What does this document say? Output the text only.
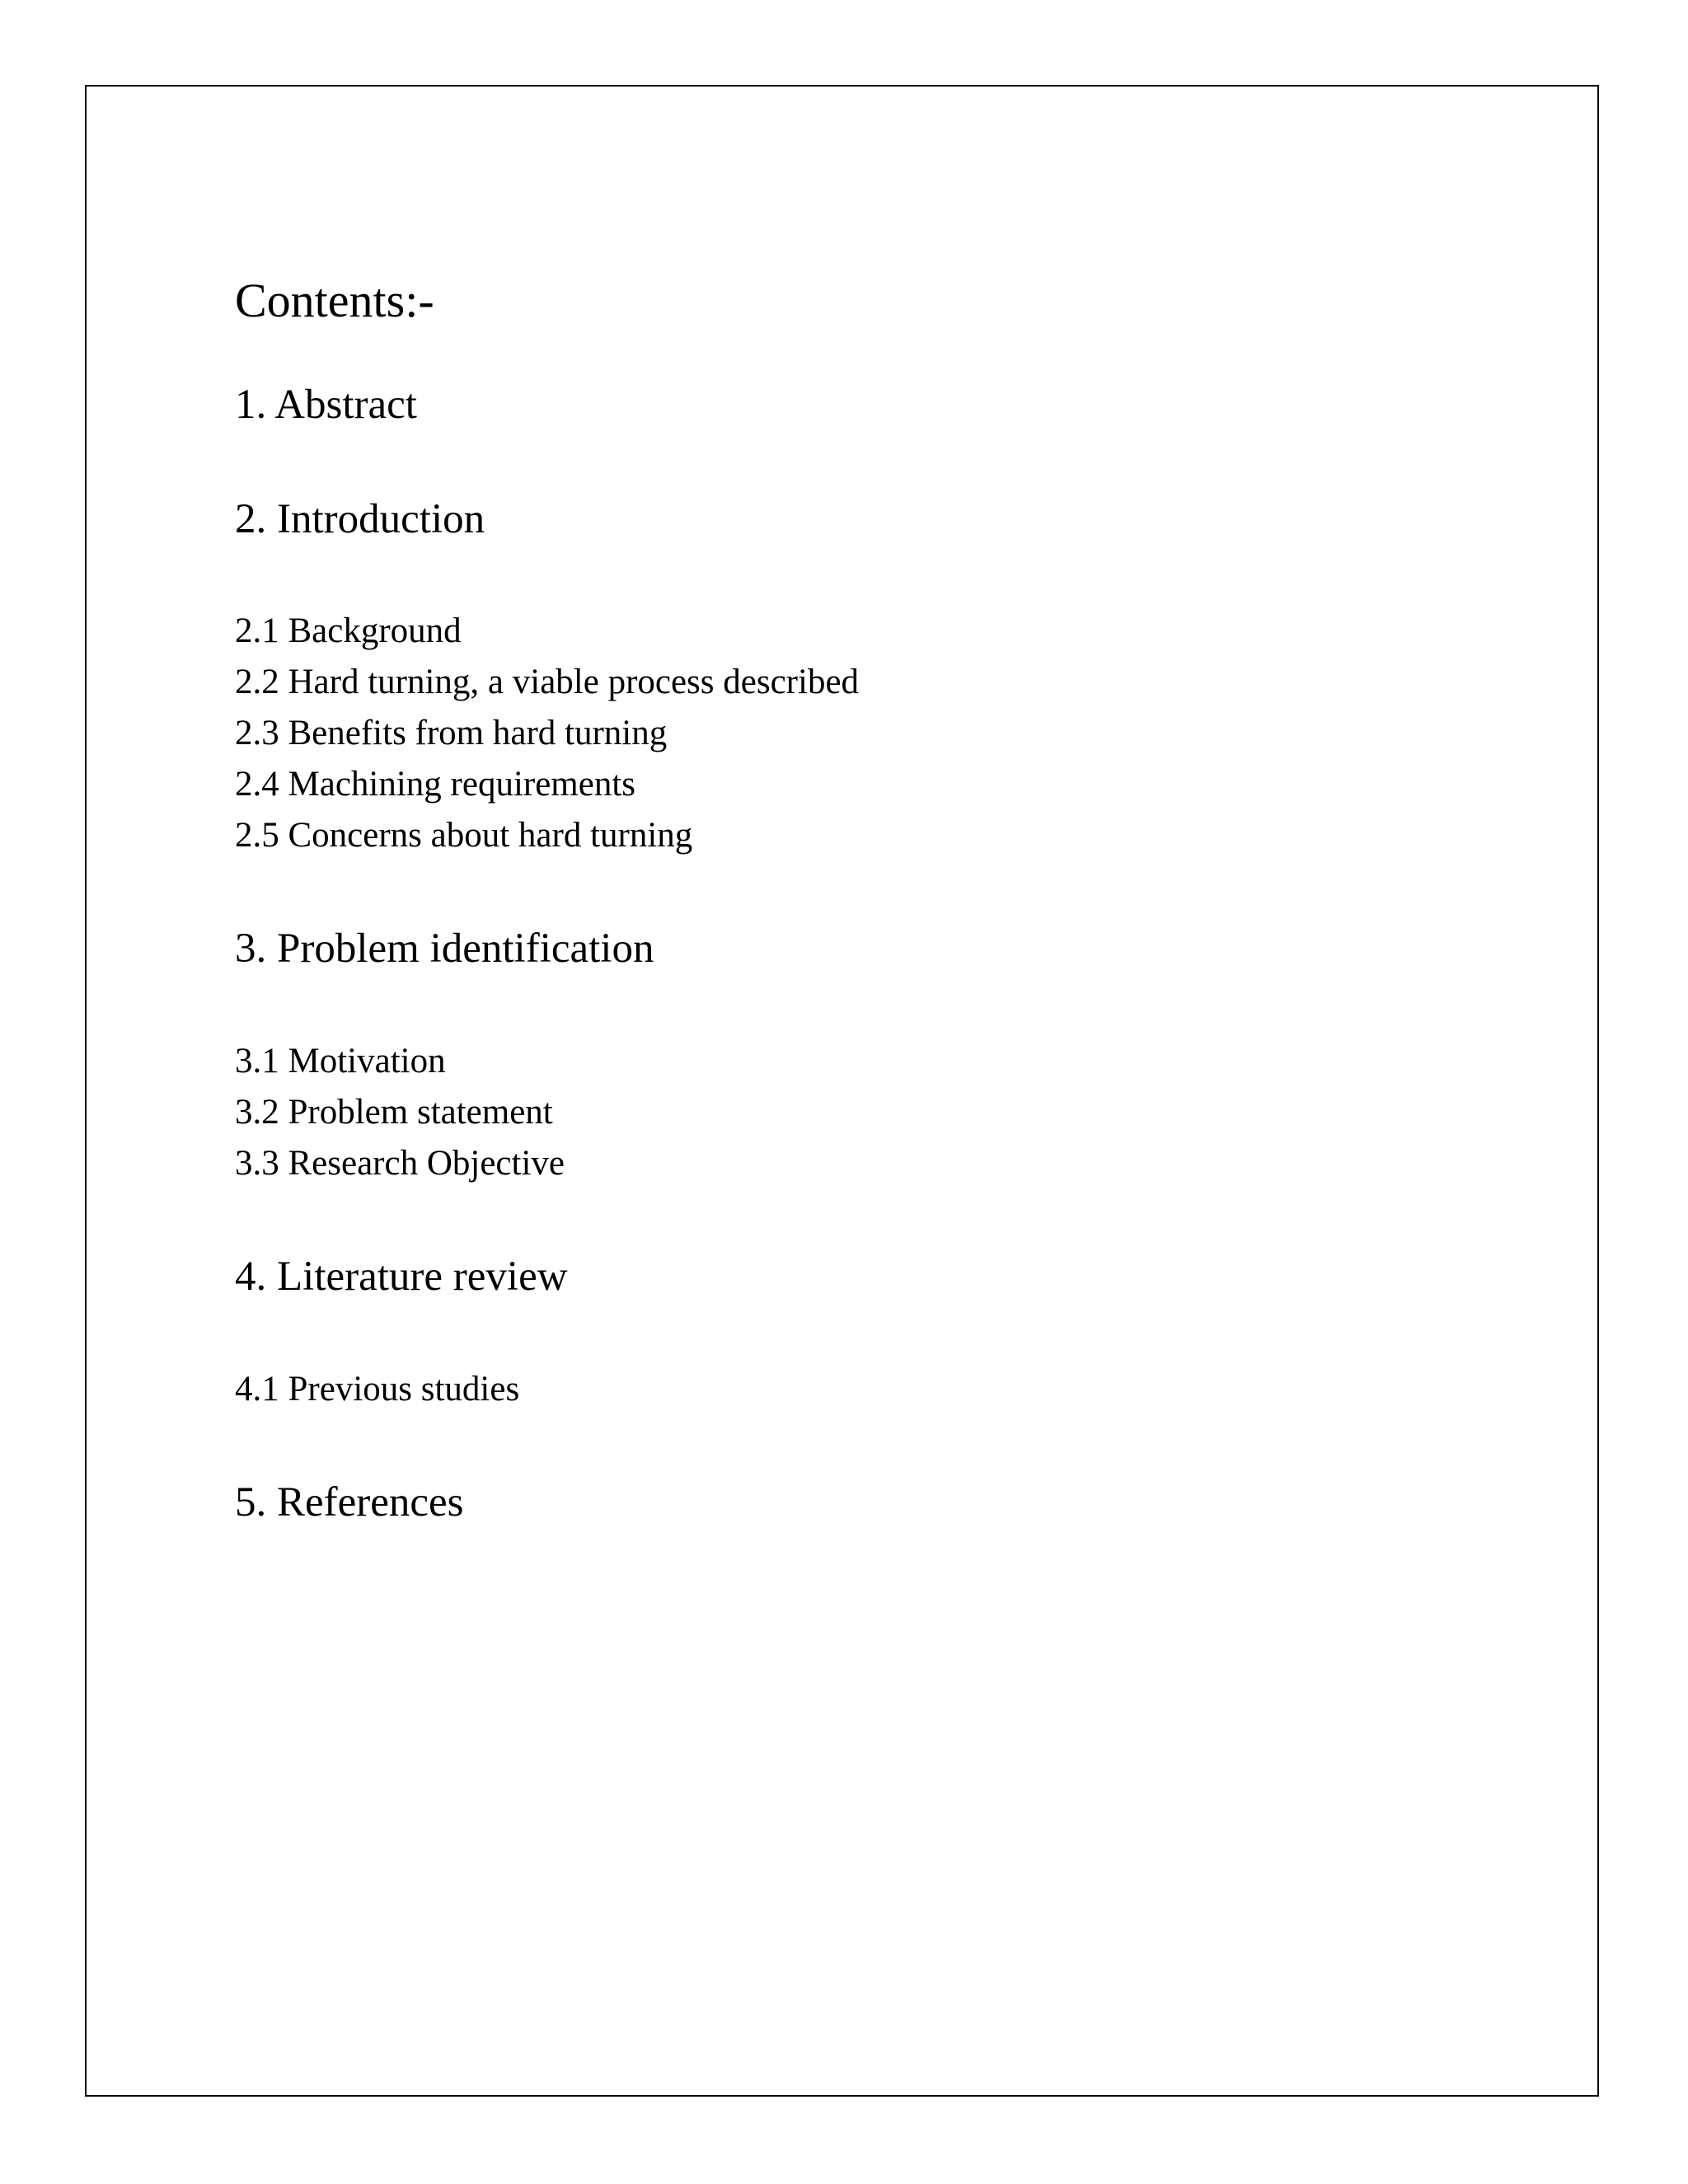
Contents:-
1. Abstract
2. Introduction
2.1 Background
2.2 Hard turning, a viable process described
2.3 Benefits from hard turning
2.4 Machining requirements
2.5 Concerns about hard turning
3. Problem identification
3.1 Motivation
3.2 Problem statement
3.3 Research Objective
4. Literature review
4.1 Previous studies
5. References
